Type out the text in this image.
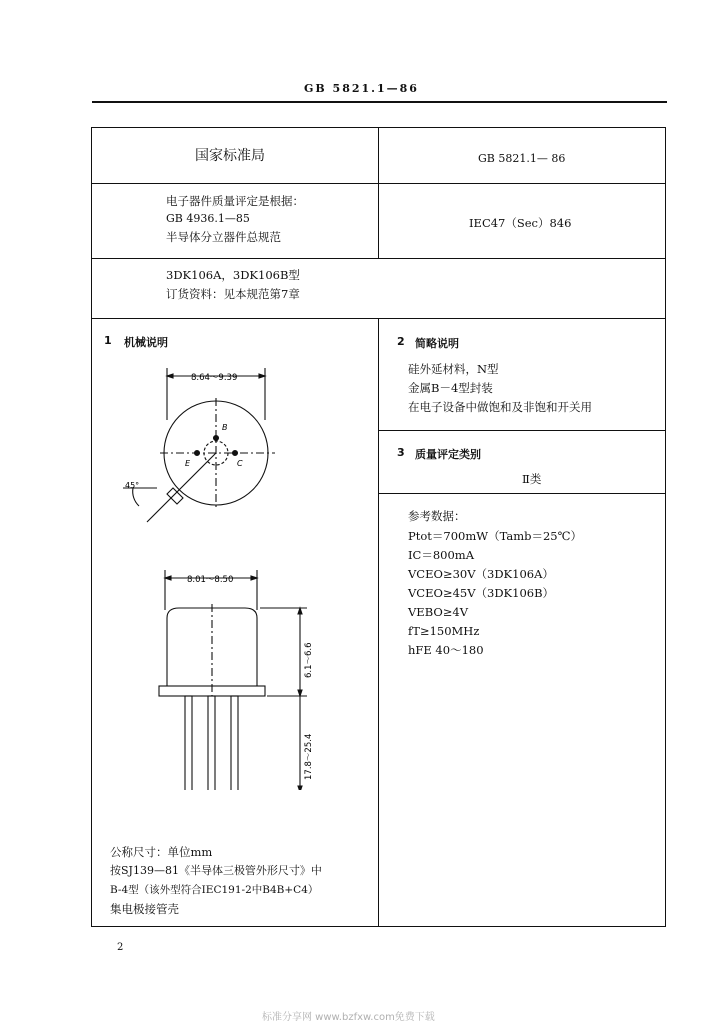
GB 5821.1—86
国家标准局	GB 5821.1— 86
电子器件质量评定是根据：
GB 4936.1—85
半导体分立器件总规范
IEC47（Sec）846
3DK106A，3DK106B型
订货资料：见本规范第7章
1 机械说明
8.64～9.39
B
E	C
45°
8.01～8.50
6.1～6.6
17.8～25.4
公称尺寸：单位mm
按SJ139—81《半导体三极管外形尺寸》中
B-4型（该外型符合IEC191-2中B4B+C4）
集电极接管壳
2 简略说明
硅外延材料，N型
金属B－4型封装
在电子设备中做饱和及非饱和开关用
3 质量评定类别
Ⅱ类
参考数据：
Ptot＝700mW（Tamb＝25℃）
IC＝800mA
VCEO≥30V（3DK106A）
VCEO≥45V（3DK106B）
VEBO≥4V
fT≥150MHz
hFE 40～180
2
标准分享网 www.bzfxw.com免费下载
